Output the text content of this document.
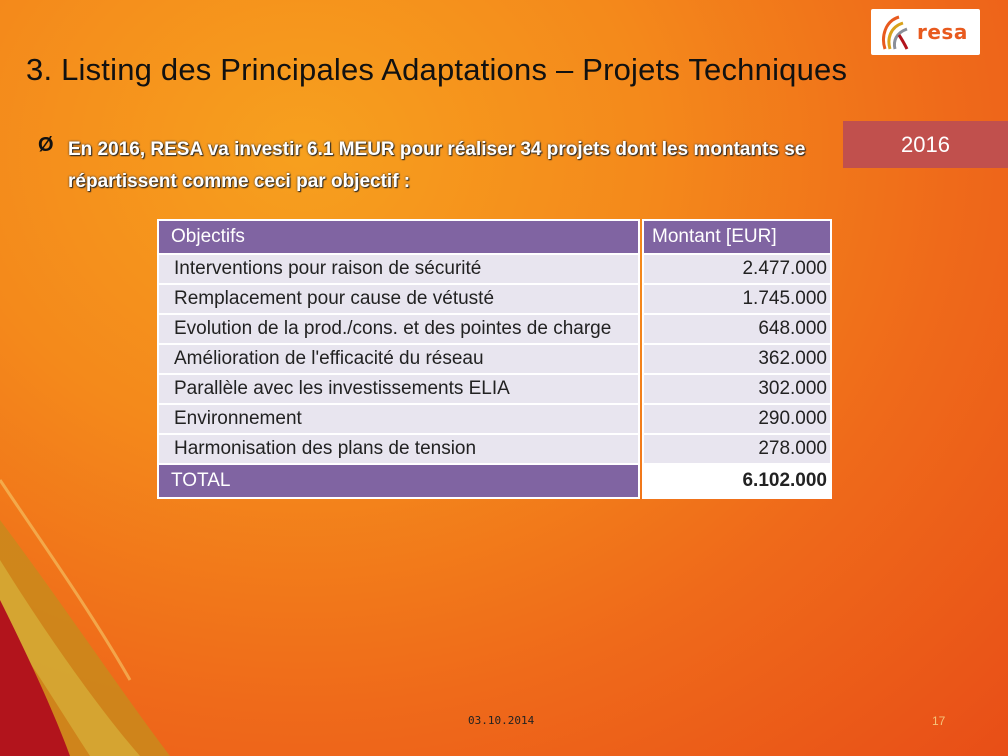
resa
3. Listing des Principales Adaptations – Projets Techniques
2016
Ø En 2016, RESA va investir 6.1 MEUR pour réaliser 34 projets dont les montants se répartissent comme ceci par objectif :

Objectifs		Montant [EUR]
Interventions pour raison de sécurité		2.477.000
Remplacement pour cause de vétusté		1.745.000
Evolution de la prod./cons. et des pointes de charge		648.000
Amélioration de l'efficacité du réseau		362.000
Parallèle avec les investissements ELIA		302.000
Environnement		290.000
Harmonisation des plans de tension		278.000
TOTAL		6.102.000
03.10.2014	17
